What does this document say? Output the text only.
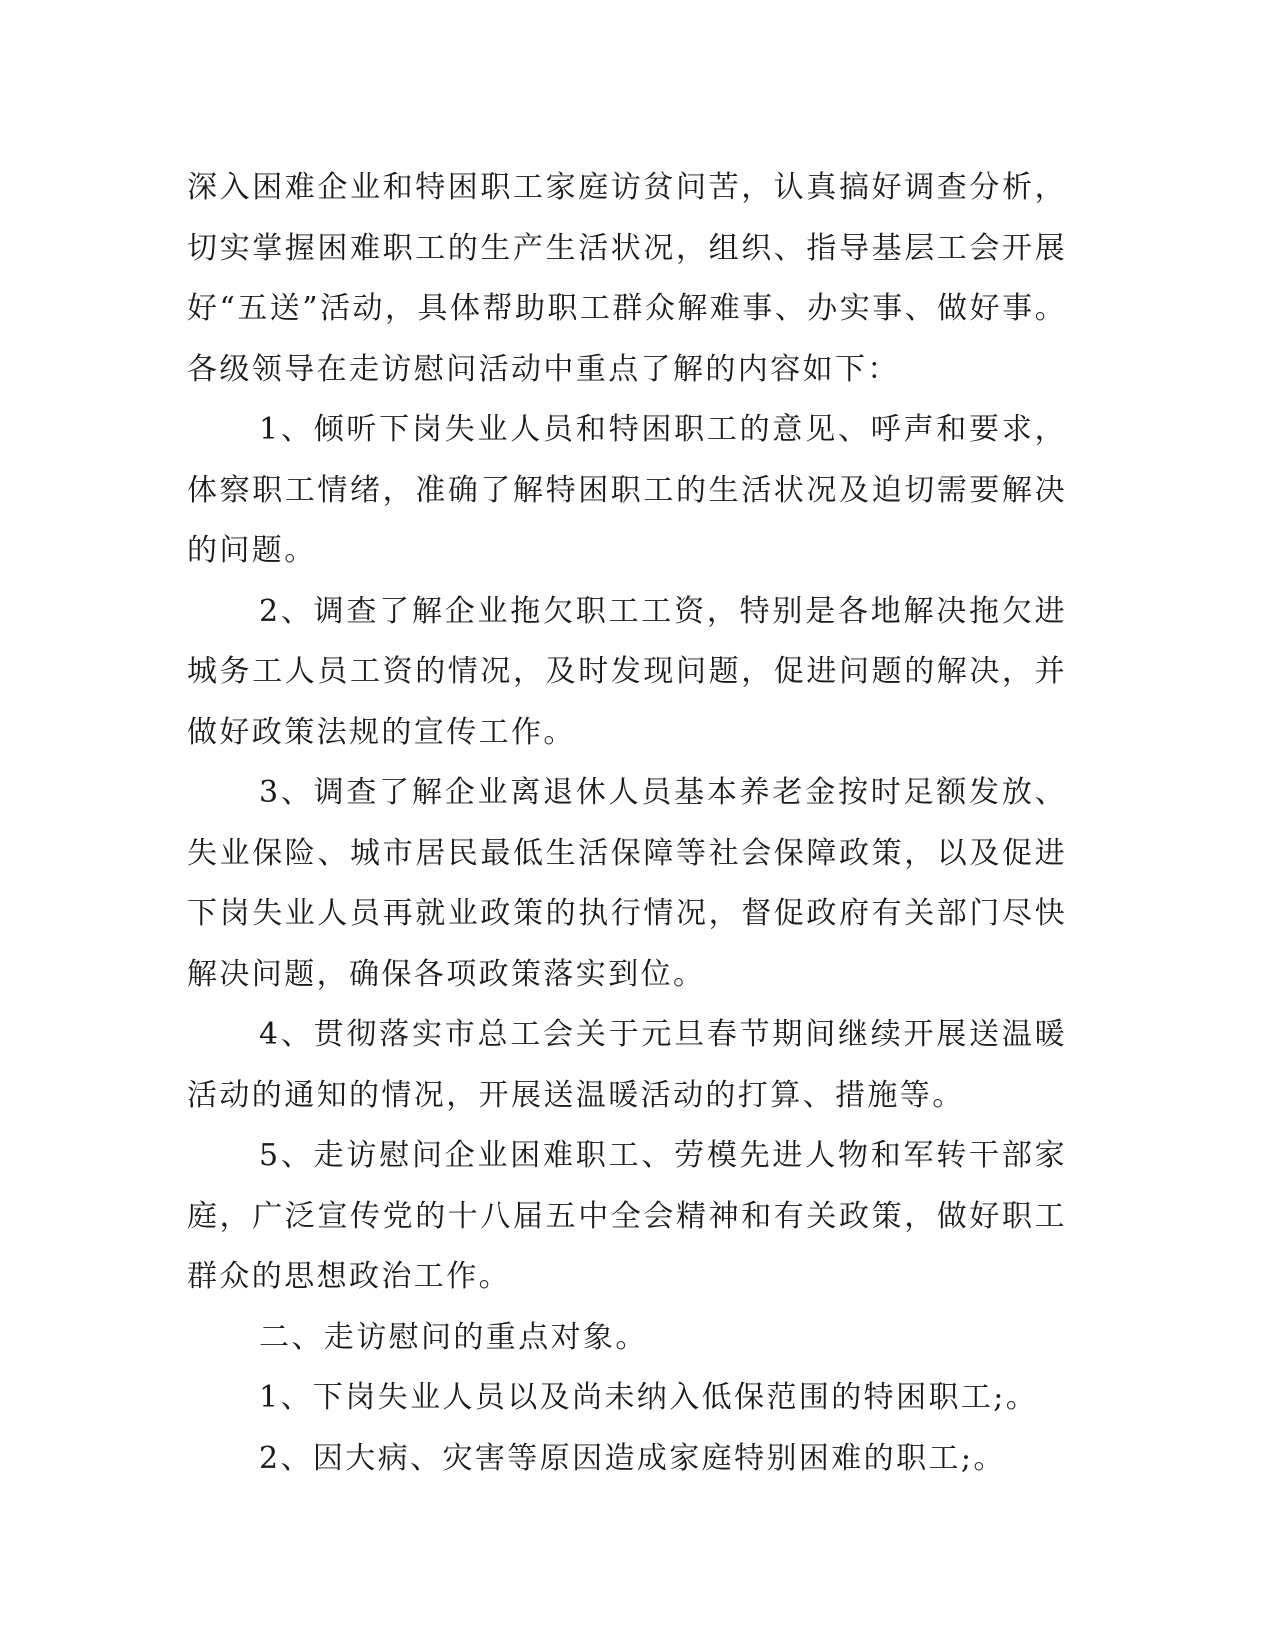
深入困难企业和特困职工家庭访贫问苦，认真搞好调查分析，切实掌握困难职工的生产生活状况，组织、指导基层工会开展好“五送”活动，具体帮助职工群众解难事、办实事、做好事。各级领导在走访慰问活动中重点了解的内容如下：

1、倾听下岗失业人员和特困职工的意见、呼声和要求，体察职工情绪，准确了解特困职工的生活状况及迫切需要解决的问题。

2、调查了解企业拖欠职工工资，特别是各地解决拖欠进城务工人员工资的情况，及时发现问题，促进问题的解决，并做好政策法规的宣传工作。

3、调查了解企业离退休人员基本养老金按时足额发放、失业保险、城市居民最低生活保障等社会保障政策，以及促进下岗失业人员再就业政策的执行情况，督促政府有关部门尽快解决问题，确保各项政策落实到位。

4、贯彻落实市总工会关于元旦春节期间继续开展送温暖活动的通知的情况，开展送温暖活动的打算、措施等。

5、走访慰问企业困难职工、劳模先进人物和军转干部家庭，广泛宣传党的十八届五中全会精神和有关政策，做好职工群众的思想政治工作。

二、走访慰问的重点对象。

1、下岗失业人员以及尚未纳入低保范围的特困职工;。

2、因大病、灾害等原因造成家庭特别困难的职工;。
